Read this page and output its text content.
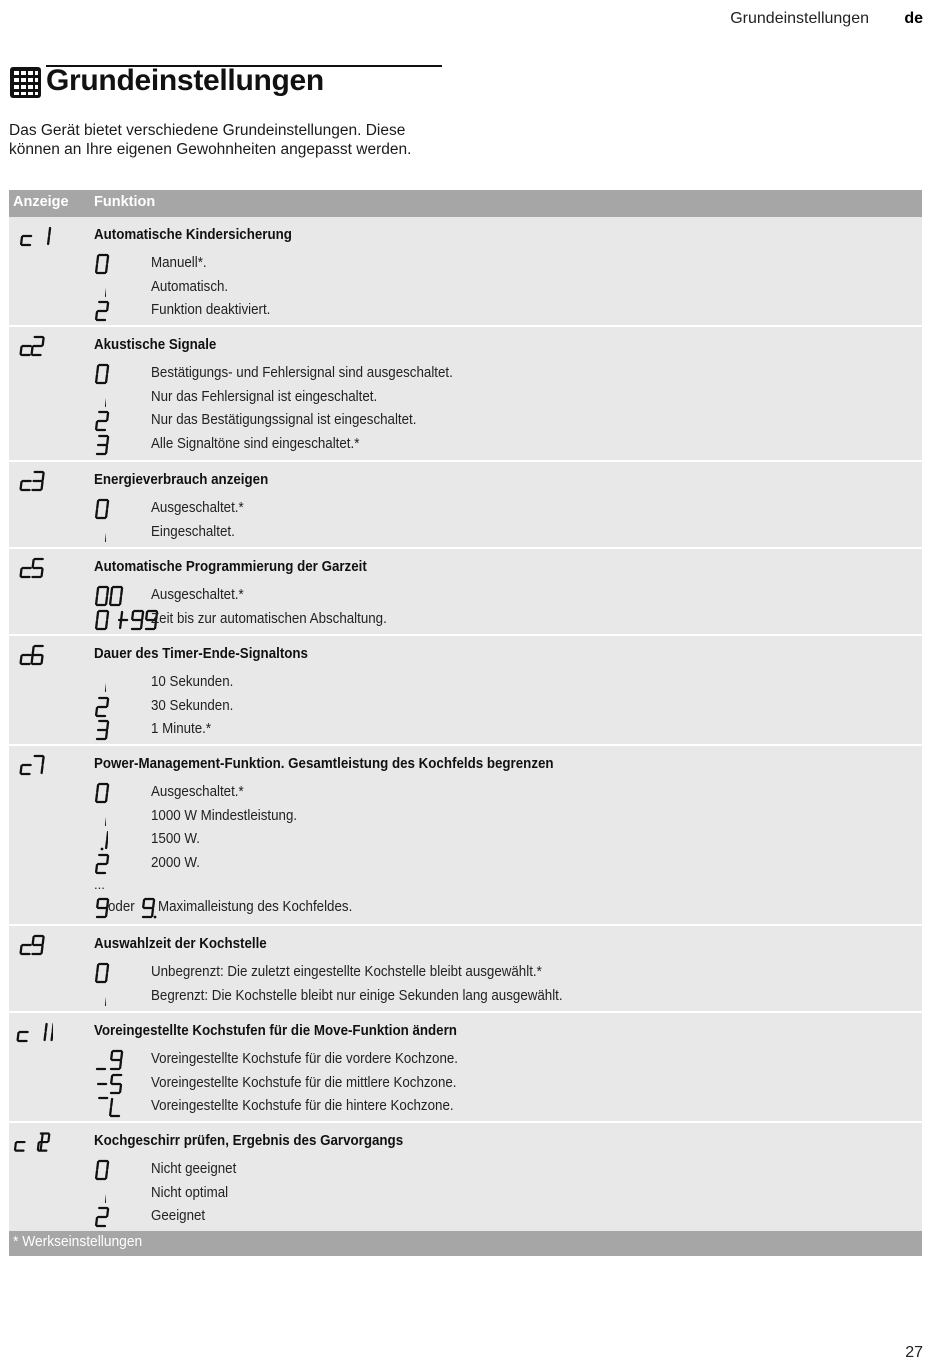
Grundeinstellungen de
Grundeinstellungen

Das Gerät bietet verschiedene Grundeinstellungen. Diese können an Ihre eigenen Gewohnheiten angepasst werden.

Anzeige Funktion
Automatische Kindersicherung
Manuell*.
Automatisch.
Funktion deaktiviert.
Akustische Signale
Bestätigungs- und Fehlersignal sind ausgeschaltet.
Nur das Fehlersignal ist eingeschaltet.
Nur das Bestätigungssignal ist eingeschaltet.
Alle Signaltöne sind eingeschaltet.*
Energieverbrauch anzeigen
Ausgeschaltet.*
Eingeschaltet.
Automatische Programmierung der Garzeit
Ausgeschaltet.*
Zeit bis zur automatischen Abschaltung.
Dauer des Timer-Ende-Signaltons
10 Sekunden.
30 Sekunden.
1 Minute.*
Power-Management-Funktion. Gesamtleistung des Kochfelds begrenzen
Ausgeschaltet.*
1000 W Mindestleistung.
1500 W.
2000 W.
...
oder Maximalleistung des Kochfeldes.
Auswahlzeit der Kochstelle
Unbegrenzt: Die zuletzt eingestellte Kochstelle bleibt ausgewählt.*
Begrenzt: Die Kochstelle bleibt nur einige Sekunden lang ausgewählt.
Voreingestellte Kochstufen für die Move-Funktion ändern
Voreingestellte Kochstufe für die vordere Kochzone.
Voreingestellte Kochstufe für die mittlere Kochzone.
Voreingestellte Kochstufe für die hintere Kochzone.
Kochgeschirr prüfen, Ergebnis des Garvorgangs
Nicht geeignet
Nicht optimal
Geeignet
* Werkseinstellungen
27
